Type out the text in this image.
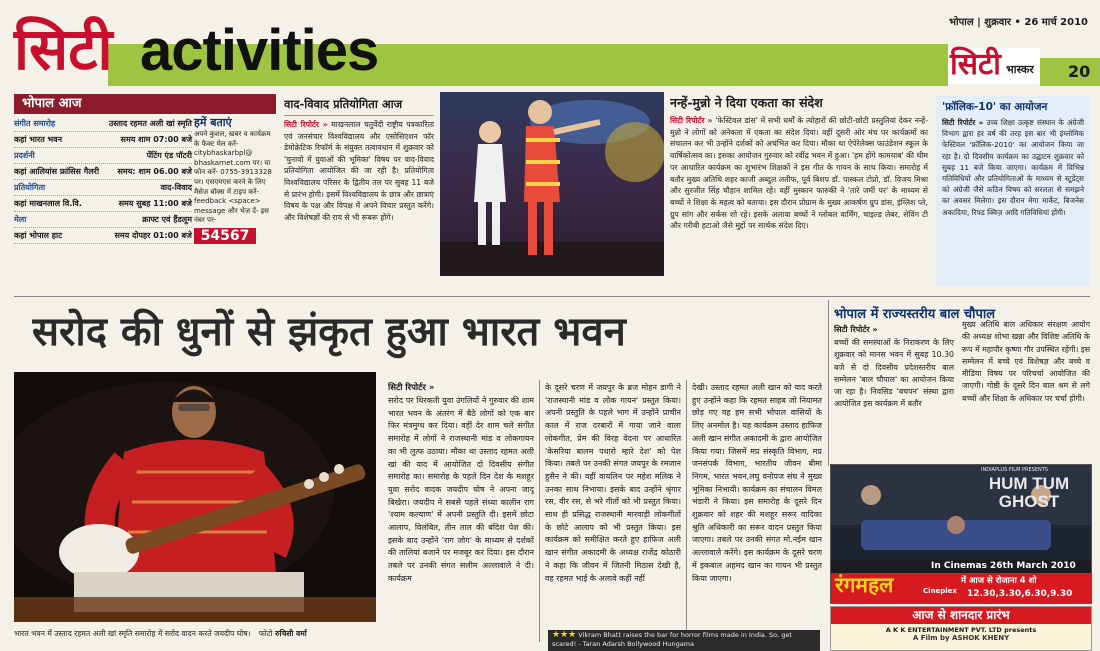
भोपाल | शुक्रवार • 26 मार्च 2010
सिटी activities	सिटी भास्कर 20
भोपाल आज
संगीत समारोह	उस्ताद रहमत अली खां स्मृति
कहां भारत भवन	समय शाम 07:00 बजे
प्रदर्शनी	पेंटिंग एंड पॉटरी
कहां आलियांस फ्रांसिस गैलरी समय: शाम 06.00 बजे
प्रतियोगिता	वाद-विवाद
कहां माखनलाल वि.वि.	समय सुबह 11:00 बजे
मेला	क्राफ्ट एवं हैंडलूम
कहां भोपाल हाट	समय दोपहर 01:00 बजे
हमें बताएं
अपने कुशल, खबर व कार्यक्रम के फैक्ट मेल करें- citybhaskarbpl@ bhaskarnet.com पर। या फोन करें- 0755-3913328 पर। एसएमएस करने के लिए मैसेज बॉक्स में टाइप करें- feedback <space> message और भेज दें- इस नंबर पर-
54567
वाद-विवाद प्रतियोगिता आज
सिटी रिपोर्टर » माखनलाल चतुर्वेदी राष्ट्रीय पत्रकारिता एवं जनसंचार विश्वविद्यालय और एसोसिएशन फॉर डेमोक्रेटिक रिफॉर्म के संयुक्त तत्वावधान में शुक्रवार को 'चुनावों में युवाओं की भूमिका' विषय पर वाद-विवाद प्रतियोगिता आयोजित की जा रही है। प्रतियोगिता विश्वविद्यालय परिसर के द्वितीय तल पर सुबह 11 बजे से प्रारंभ होगी। इसमें विश्वविद्यालय के छात्र और छात्राएं विषय के पक्ष और विपक्ष में अपने विचार प्रस्तुत करेंगे। और विशेषज्ञों की राय से भी रूबरू होंगे।
नन्हें-मुन्नो ने दिया एकता का संदेश
सिटी रिपोर्टर » 'फेस्टिवल डांस' में सभी धर्मों के त्योहारों की छोटी-छोटी प्रस्तुतियां देकर नन्हें-मुन्नो ने लोगों को अनेकता में एकता का संदेश दिया। वहीं दूसरी ओर मंच पर कार्यक्रमों का संचालन कर भी उन्होंने दर्शकों को अचंभित कर दिया। मौका था ऐपेरेलेक्स फाउंडेशन स्कूल के वार्षिकोत्सव का। इसका आयोजन गुरुवार को रवींद्र भवन में हुआ। 'हम होंगे कामयाब' की थीम पर आधारित कार्यक्रम का शुभारंभ शिक्षकों ने इस गीत के गायन के साथ किया। समारोह में बतौर मुख्य अतिथि शहर काजी अब्दुल लतीफ, पूर्व बिशप डॉ. पास्कल टोप्नो, डॉ. विजय मिश्रा और सुरजीत सिंह चौहान शामिल रहे। वहीं मुस्कान फारुकी ने 'तारे जमीं पर' के माध्यम से बच्चों ने शिक्षा के महत्व को बताया। इस दौरान प्रोग्राम के मुख्य आकर्षण ग्रुप डांस, इंग्लिश प्ले, ग्रुप सांग और सर्कस शो रहे। इसके अलावा बच्चों ने ग्लोबल वार्मिंग, चाइल्ड लेबर, सेविंग टी और गरीबी हटाओ जैसे मुद्दों पर सार्थक संदेश दिए।
'फ्रॉलिक-10' का आयोजन
सिटी रिपोर्टर » उच्च शिक्षा उत्कृष्ट संस्थान के अंग्रेजी विभाग द्वारा हर वर्ष की तरह इस बार भी इंग्लोमिक फेस्टिवल 'फ्रॉलिक-2010' का आयोजन किया जा रहा है। दो दिवसीय कार्यक्रम का उद्घाटन शुक्रवार को सुबह 11 बजे किया जाएगा। कार्यक्रम में विभिन्न गतिविधियों और प्रतियोगिताओं के माध्यम से स्टूडेंट्स को अंग्रेजी जैसे कठिन विषय को सरलता से समझने का अवसर मिलेगा। इस दौरान मेगा मार्केट, बिजनेस अकादिया, रिफ्ड क्विज़ आदि गतिविधियां होंगी।
सरोद की धुनों से झंकृत हुआ भारत भवन
भारत भवन में उस्ताद रहमत अली खां स्मृति समारोह में सरोद वादन करते जयदीप घोष। फोटो रुचिसी वर्मा
सिटी रिपोर्टर »
सरोद पर थिरकती युवा उंगलियों ने गुरुवार की शाम भारत भवन के अंतरंग में बैठे लोगों को एक बार फिर मंत्रमुग्ध कर दिया। वहीं देर शाम चले संगीत समारोह में लोगों ने राजस्थानी मांड व लोकगायन का भी लुत्फ उठाया। मौका था उस्ताद रहमत अली खां की याद में आयोजित दो दिवसीय संगीत समारोह का। समारोह के पहले दिन देश के मशहूर युवा सरोद वादक जयदीप घोष ने अपना जादू बिखेरा। जयदीप ने सबसे पहले संध्या कालीन राग 'श्याम कल्याण' में अपनी प्रस्तुति दी। इसमें छोटा आलाप, विलंबित, तीन ताल की बंदिश पेश की। इसके बाद उन्होंने 'राग जोग' के माध्यम से दर्शकों की तालियां बजाने पर मजबूर कर दिया। इस दौरान तबले पर उनकी संगत सलीम अल्लावाले ने दी। कार्यक्रम
के दूसरे चरण में जयपुर के ब्रज मोहन डागी ने 'राजस्थानी मांड व लोक गायन' प्रस्तुत किया। अपनी प्रस्तुति के पहले भाग में उन्होंने प्राचीन काल में राज दरबारों में गाया जाने वाला लोकगीत, प्रेम की विरह वेदना पर आधारित 'केसरिया बालम पधारो म्हारे देश' को पेश किया। तबले पर उनकी संगत जयपुर के रमजान हुसैन ने की। वहीं वायलिन पर महेश मलिक ने उनका साथ निभाया। इसके बाद उन्होंने श्रृंगार रस, वीर रस, से भरे गीतों को भी प्रस्तुत किया। साथ ही प्रसिद्ध राजस्थानी मारवाड़ी लोकगीतों के छोटे आलाप को भी प्रस्तुत किया। इस कार्यक्रम को समीक्षित करते हुए हाफिज अली खान संगीत अकादमी के अध्यक्ष राजेंद्र कोठारी ने कहा कि जीवन में जितनी मिठास देखी है, वह रहमत भाई के अलावे कहीं नहीं
देखी। उस्ताद रहमत अली खान को याद करते हुए उन्होंने कहा कि रहमत साहब जो नियामत छोड़ गए वह हम सभी भोपाल वासियों के लिए अनमोल है। यह कार्यक्रम उस्ताद हाफिज अली खान संगीत अकादमी के द्वारा आयोजित किया गया। जिसमें मप्र संस्कृति विभाग, मप्र जनसंपर्क विभाग, भारतीय जीवन बीमा निगम, भारत भवन,लघु वनोपज संघ ने मुख्य भूमिका निभायी। कार्यक्रम का संचालन विमल भंडारी ने किया। इस समारोह के दूसरे दिन शुक्रवार को शहर की मशहूर सरूर वादिका श्रुति अधिकारी का सरूर वादन प्रस्तुत किया जाएगा। तबले पर उनकी संगत मो.नईम खान अल्लावाले करेंगे। इस कार्यक्रम के दूसरे चरण में इकबाल अहमद खान का गायन भी प्रस्तुत किया जाएगा।
★★★ Vikram Bhatt raises the bar for horror films made in India. So, get scared! - Taran Adarsh Bollywood Hungama
भोपाल में राज्यस्तरीय बाल चौपाल
सिटी रिपोर्टर »
बच्चों की समस्याओं के निराकरण के लिए शुक्रवार को मानस भवन में सुबह 10.30 बजे से दो दिवसीय प्रदेशस्तरीय बाल सम्मेलन 'बाल चौपाल' का आयोजन किया जा रहा है। निवसिड 'बचपन' संस्था द्वारा आयोजित इस कार्यक्रम में बतौर
मुख्य अतिथि बाल अधिकार संरक्षण आयोग की अध्यक्ष शोभा खन्ना और विशिष्ट अतिथि के रूप में महापौर कृष्णा गौर उपस्थित रहेंगी। इस सम्मेलन में बच्चे एवं विशेषज्ञ और बच्चे व मीडिया विषय पर परिचर्चा आयोजित की जाएगी। गोष्ठी के दूसरे दिन बाल श्रम से लगे बच्चों और शिक्षा के अधिकार पर चर्चा होगी।
INDIAPLUS FILM PRESENTS
HUM TUM GHOST
In Cinemas 26th March 2010
रंगमहल	Cineplex
में आज से रोजाना 4 शो
12.30,3.30,6.30,9.30
आज से शानदार प्रारंभ
A K K ENTERTAINMENT PVT. LTD presents
A Film by ASHOK KHENY
